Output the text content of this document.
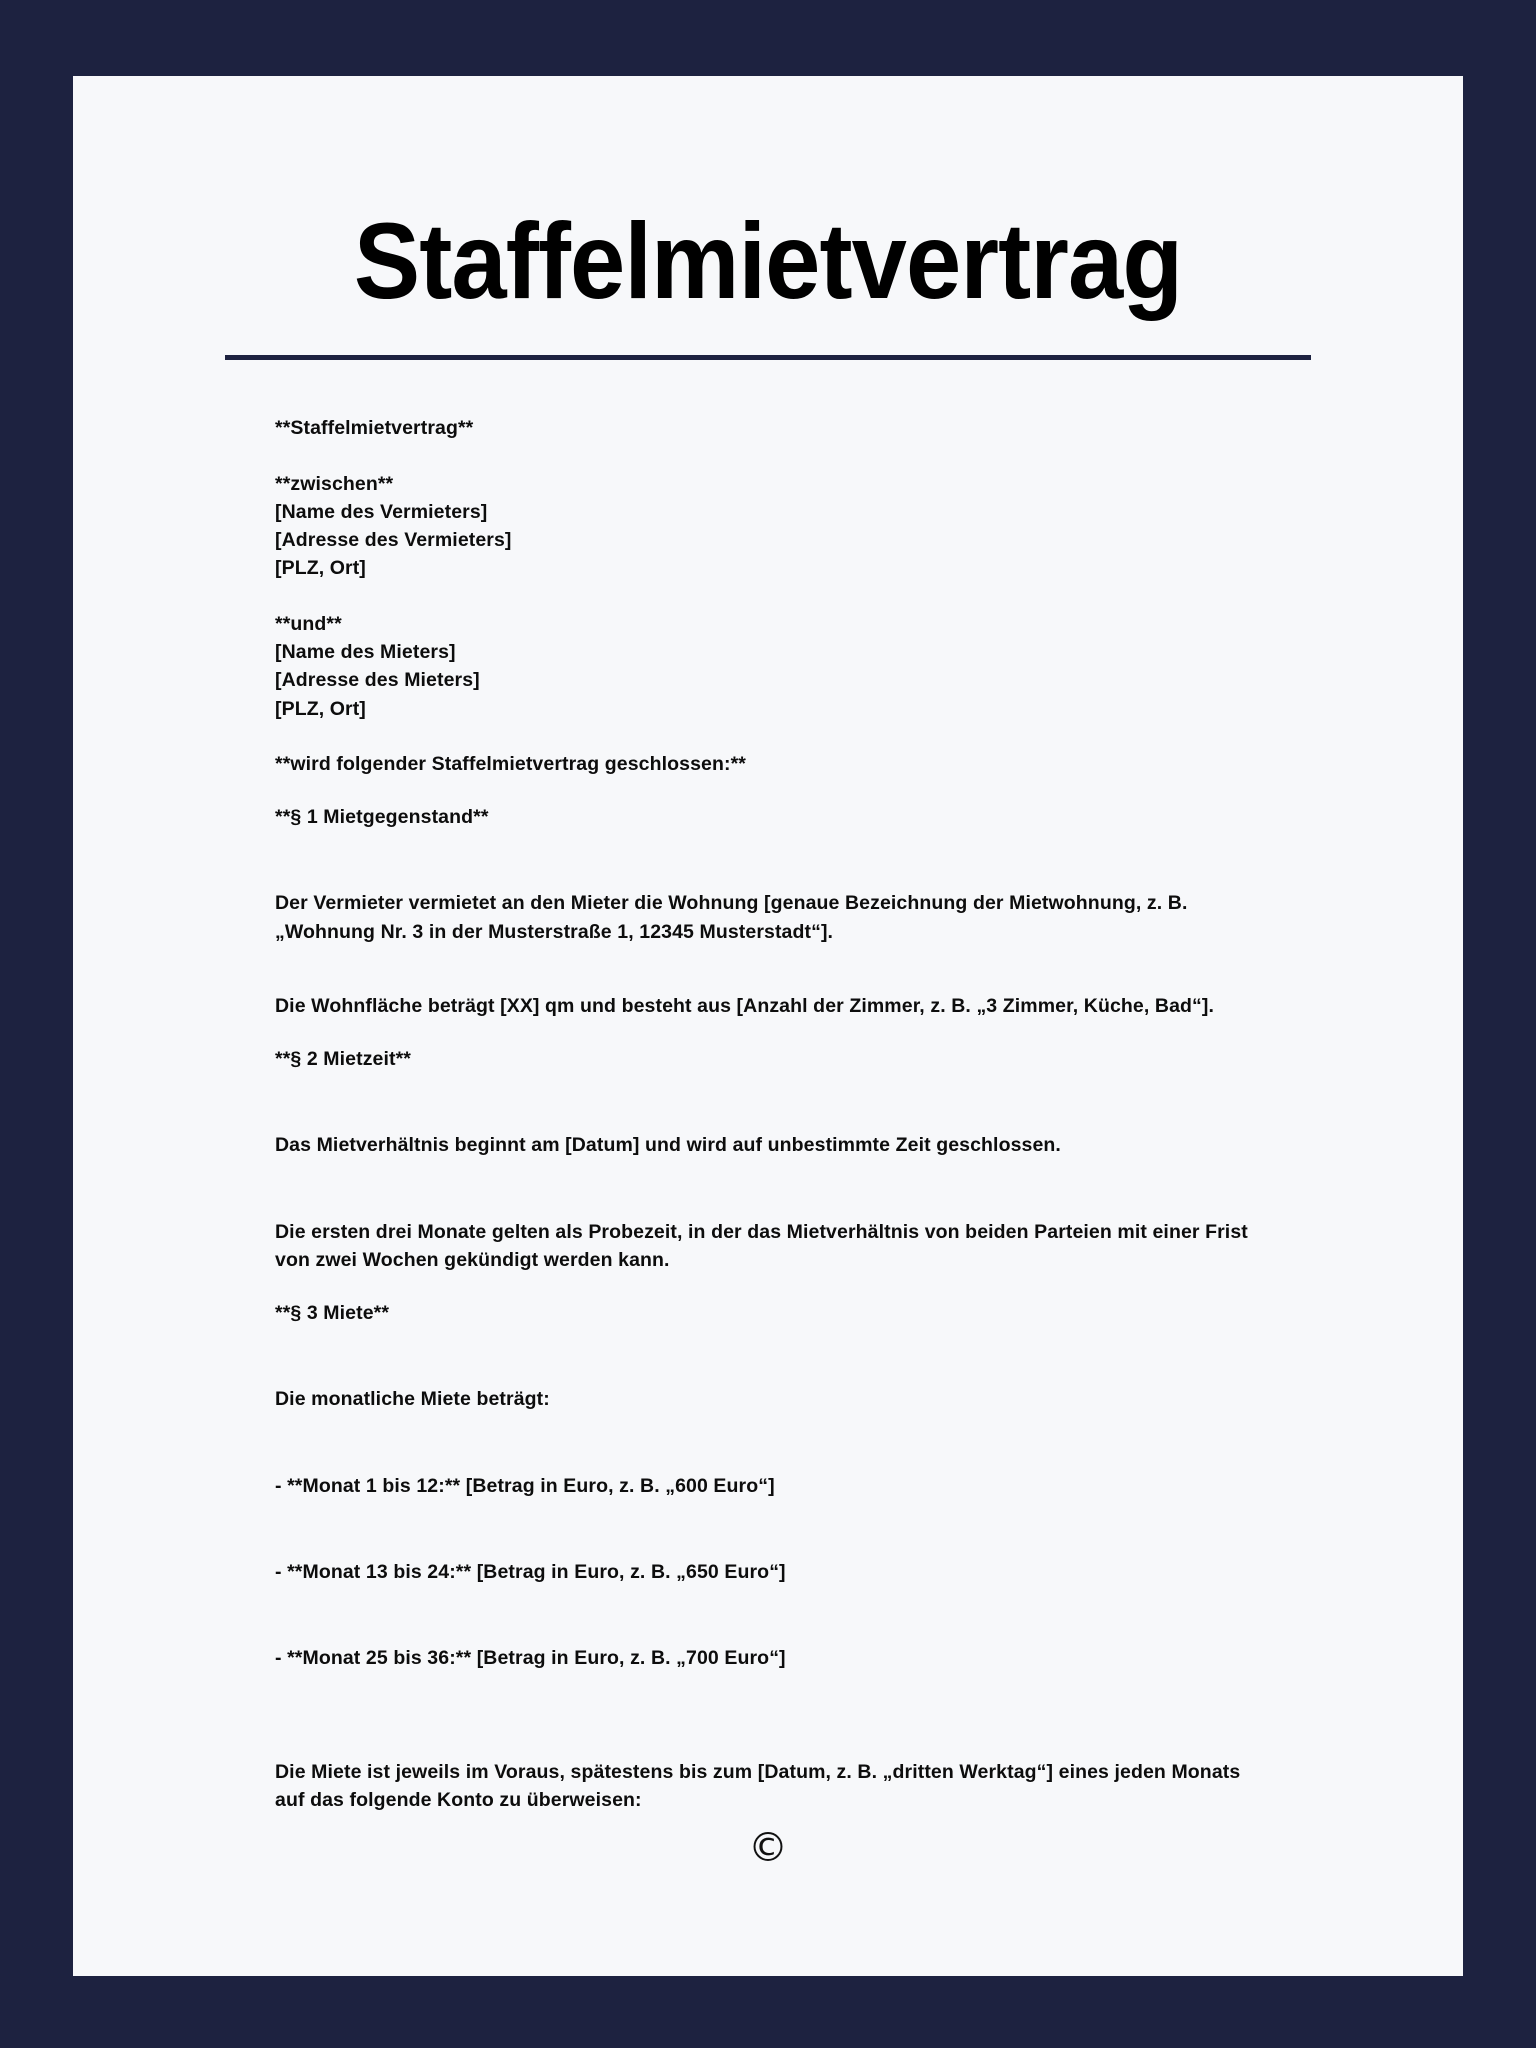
Staffelmietvertrag

**Staffelmietvertrag**

**zwischen**

[Name des Vermieters]

[Adresse des Vermieters]

[PLZ, Ort]

**und**

[Name des Mieters]

[Adresse des Mieters]

[PLZ, Ort]

**wird folgender Staffelmietvertrag geschlossen:**

**§ 1 Mietgegenstand**

Der Vermieter vermietet an den Mieter die Wohnung [genaue Bezeichnung der Mietwohnung, z. B. „Wohnung Nr. 3 in der Musterstraße 1, 12345 Musterstadt“].

Die Wohnfläche beträgt [XX] qm und besteht aus [Anzahl der Zimmer, z. B. „3 Zimmer, Küche, Bad“].

**§ 2 Mietzeit**

Das Mietverhältnis beginnt am [Datum] und wird auf unbestimmte Zeit geschlossen.

Die ersten drei Monate gelten als Probezeit, in der das Mietverhältnis von beiden Parteien mit einer Frist von zwei Wochen gekündigt werden kann.

**§ 3 Miete**

Die monatliche Miete beträgt:

- **Monat 1 bis 12:** [Betrag in Euro, z. B. „600 Euro“]

- **Monat 13 bis 24:** [Betrag in Euro, z. B. „650 Euro“]

- **Monat 25 bis 36:** [Betrag in Euro, z. B. „700 Euro“]

Die Miete ist jeweils im Voraus, spätestens bis zum [Datum, z. B. „dritten Werktag“] eines jeden Monats auf das folgende Konto zu überweisen:

©
